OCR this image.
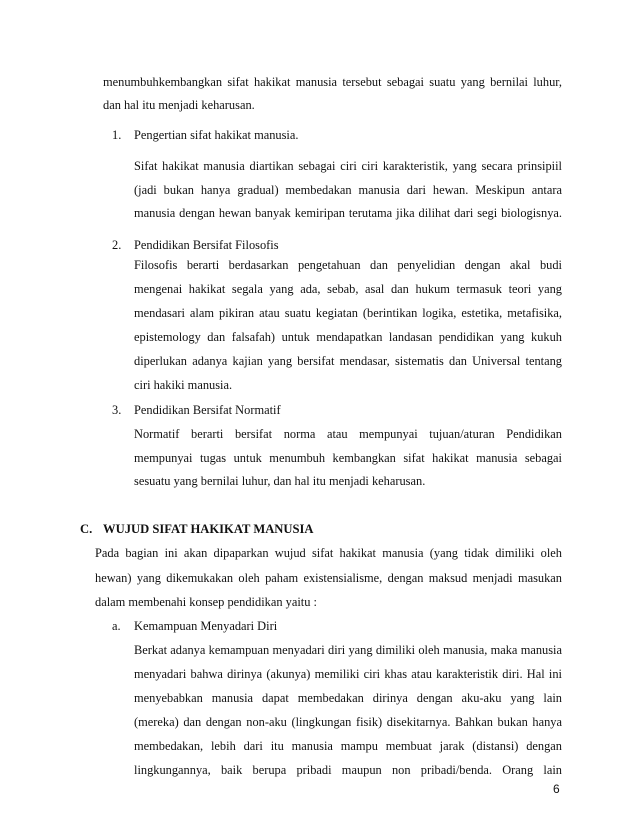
menumbuhkembangkan sifat hakikat manusia tersebut sebagai suatu yang bernilai luhur,
dan hal itu menjadi keharusan.
1. Pengertian sifat hakikat manusia.
Sifat hakikat manusia diartikan sebagai ciri ciri karakteristik, yang secara prinsipiil
(jadi bukan hanya gradual) membedakan manusia dari hewan. Meskipun antara
manusia dengan hewan banyak kemiripan terutama jika dilihat dari segi biologisnya.
2. Pendidikan Bersifat Filosofis
Filosofis berarti berdasarkan pengetahuan dan penyelidian dengan akal budi
mengenai hakikat segala yang ada, sebab, asal dan hukum termasuk teori yang
mendasari alam pikiran atau suatu kegiatan (berintikan logika, estetika, metafisika,
epistemology dan falsafah) untuk mendapatkan landasan pendidikan yang kukuh
diperlukan adanya kajian yang bersifat mendasar, sistematis dan Universal tentang
ciri hakiki manusia.
3. Pendidikan Bersifat Normatif
Normatif berarti bersifat norma atau mempunyai tujuan/aturan Pendidikan
mempunyai tugas untuk menumbuh kembangkan sifat hakikat manusia sebagai
sesuatu yang bernilai luhur, dan hal itu menjadi keharusan.
C. WUJUD SIFAT HAKIKAT MANUSIA
Pada bagian ini akan dipaparkan wujud sifat hakikat manusia (yang tidak dimiliki oleh
hewan) yang dikemukakan oleh paham existensialisme, dengan maksud menjadi masukan
dalam membenahi konsep pendidikan yaitu :
a. Kemampuan Menyadari Diri
Berkat adanya kemampuan menyadari diri yang dimiliki oleh manusia, maka manusia
menyadari bahwa dirinya (akunya) memiliki ciri khas atau karakteristik diri. Hal ini
menyebabkan manusia dapat membedakan dirinya dengan aku-aku yang lain
(mereka) dan dengan non-aku (lingkungan fisik) disekitarnya. Bahkan bukan hanya
membedakan, lebih dari itu manusia mampu membuat jarak (distansi) dengan
lingkungannya, baik berupa pribadi maupun non pribadi/benda. Orang lain
6
